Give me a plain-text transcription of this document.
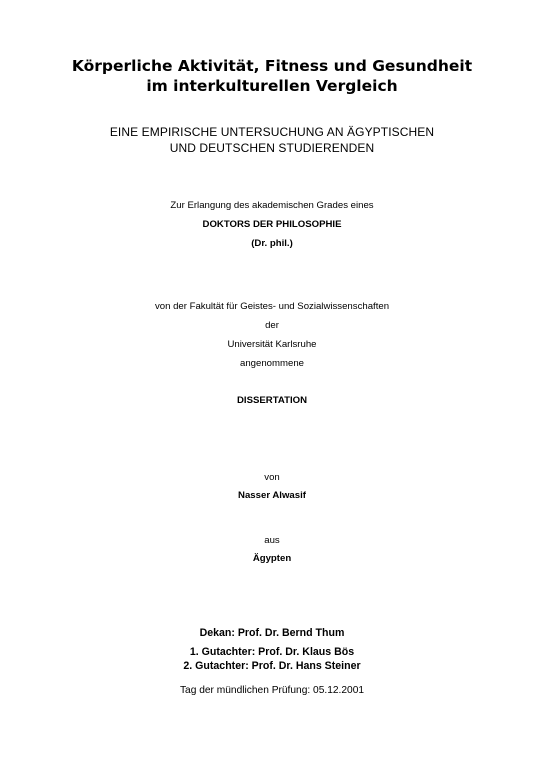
Körperliche Aktivität, Fitness und Gesundheit
im interkulturellen Vergleich
EINE EMPIRISCHE UNTERSUCHUNG AN ÄGYPTISCHEN
UND DEUTSCHEN STUDIERENDEN
Zur Erlangung des akademischen Grades eines
DOKTORS DER PHILOSOPHIE
(Dr. phil.)
von der Fakultät für Geistes- und Sozialwissenschaften
der
Universität Karlsruhe
angenommene
DISSERTATION
von
Nasser Alwasif
aus
Ägypten
Dekan: Prof. Dr. Bernd Thum
1. Gutachter: Prof. Dr. Klaus Bös
2. Gutachter: Prof. Dr. Hans Steiner
Tag der mündlichen Prüfung: 05.12.2001
